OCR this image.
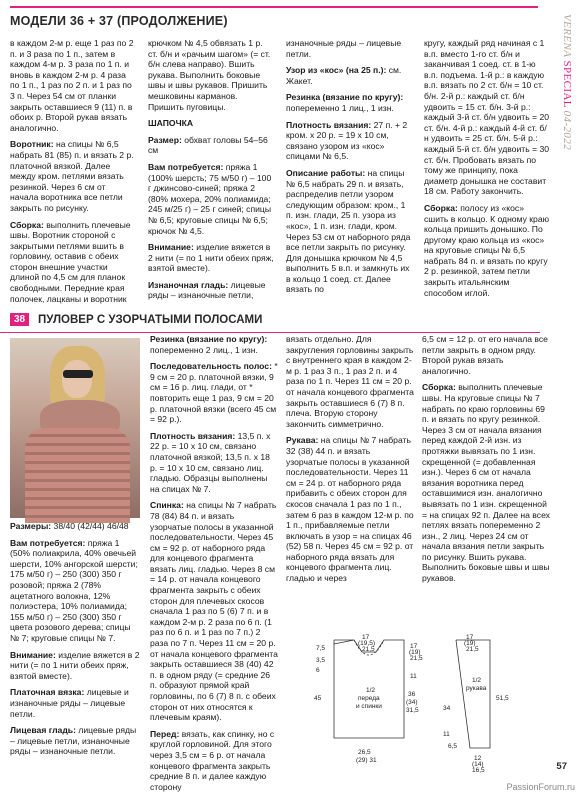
МОДЕЛИ 36 + 37 (ПРОДОЛЖЕНИЕ)	VERENA SPECIAL 04-2022

в каждом 2-м р. еще 1 раз по 2 п. и 3 раза по 1 п., затем в каждом 4-м р. 3 раза по 1 п. и вновь в каждом 2-м р. 4 раза по 1 п., 1 раз по 2 п. и 1 раз по 3 п. Через 54 см от планки закрыть оставшиеся 9 (11) п. в обоих р. Второй рукав вязать аналогично.

Воротник: на спицы № 6,5 набрать 81 (85) п. и вязать 2 р. платочной вязкой. Далее между кром. петлями вязать резинкой. Через 6 см от начала воротника все петли закрыть по рисунку.

Сборка: выполнить плечевые швы. Воротник стороной с закрытыми петлями вшить в горловину, оставив с обеих сторон внешние участки длиной по 4,5 см для планок свободными. Передние края полочек, лацканы и воротник

крючком № 4,5 обвязать 1 р. ст. б/н и «рачьим шагом» (= ст. б/н слева направо). Вшить рукава. Выполнить боковые швы и швы рукавов. Пришить мешковины карманов. Пришить пуговицы.

ШАПОЧКА

Размер: обхват головы 54–56 см

Вам потребуется: пряжа 1 (100% шерсть; 75 м/50 г) – 100 г джинсово-синей; пряжа 2 (80% мохера, 20% полиамида; 245 м/25 г) – 25 г синей; спицы № 6,5; круговые спицы № 6,5; крючок № 4,5.

Внимание: изделие вяжется в 2 нити (= по 1 нити обеих пряж, взятой вместе).

Изнаночная гладь: лицевые ряды – изнаночные петли,

изнаночные ряды – лицевые петли.

Узор из «кос» (на 25 п.): см. Жакет.

Резинка (вязание по кругу): попеременно 1 лиц., 1 изн.

Плотность вязания: 27 п. + 2 кром. х 20 р. = 19 х 10 см, связано узором из «кос» спицами № 6,5.

Описание работы: на спицы № 6,5 набрать 29 п. и вязать, распределив петли узором следующим образом: кром., 1 п. изн. глади, 25 п. узора из «кос», 1 п. изн. глади, кром. Через 53 см от наборного ряда все петли закрыть по рисунку. Для донышка крючком № 4,5 выполнить 5 в.п. и замкнуть их в кольцо 1 соед. ст. Далее вязать по

кругу, каждый ряд начиная с 1 в.п. вместо 1-го ст. б/н и заканчивая 1 соед. ст. в 1-ю в.п. подъема. 1-й р.: в каждую в.п. вязать по 2 ст. б/н = 10 ст. б/н. 2-й р.: каждый ст. б/н удвоить = 15 ст. б/н. 3-й р.: каждый 3-й ст. б/н удвоить = 20 ст. б/н. 4-й р.: каждый 4-й ст. б/н удвоить = 25 ст. б/н. 5-й р.: каждый 5-й ст. б/н удвоить = 30 ст. б/н. Пробовать вязать по тому же принципу, пока диаметр донышка не составит 18 см. Работу закончить.

Сборка: полосу из «кос» сшить в кольцо. К одному краю кольца пришить донышко. По другому краю кольца из «кос» на круговые спицы № 6,5 набрать 84 п. и вязать по кругу 2 р. резинкой, затем петли закрыть итальянским способом иглой.

38	ПУЛОВЕР С УЗОРЧАТЫМИ ПОЛОСАМИ

Размеры: 38/40 (42/44) 46/48

Вам потребуется: пряжа 1 (50% полиакрила, 40% овечьей шерсти, 10% ангорской шерсти; 175 м/50 г) – 250 (300) 350 г розовой; пряжа 2 (78% ацетатного волокна, 12% полиэстера, 10% полиамида; 155 м/50 г) – 250 (300) 350 г цвета розового дерева; спицы № 7; круговые спицы № 7.

Внимание: изделие вяжется в 2 нити (= по 1 нити обеих пряж, взятой вместе).

Платочная вязка: лицевые и изнаночные ряды – лицевые петли.

Лицевая гладь: лицевые ряды – лицевые петли, изнаночные ряды – изнаночные петли.

Резинка (вязание по кругу): попеременно 2 лиц., 1 изн.

Последовательность полос: * 9 см = 20 р. платочной вязки, 9 см = 16 р. лиц. глади, от * повторить еще 1 раз, 9 см = 20 р. платочной вязки (всего 45 см = 92 р.).

Плотность вязания: 13,5 п. х 22 р. = 10 х 10 см, связано платочной вязкой; 13,5 п. х 18 р. = 10 х 10 см, связано лиц. гладью. Образцы выполнены на спицах № 7.

Спинка: на спицы № 7 набрать 78 (84) 84 п. и вязать узорчатые полосы в указанной последовательности. Через 45 см = 92 р. от наборного ряда для концевого фрагмента вязать лиц. гладью. Через 8 см = 14 р. от начала концевого фрагмента закрыть с обеих сторон для плечевых скосов сначала 1 раз по 5 (6) 7 п. и в каждом 2-м р. 2 раза по 6 п. (1 раз по 6 п. и 1 раз по 7 п.) 2 раза по 7 п. Через 11 см = 20 р. от начала концевого фрагмента закрыть оставшиеся 38 (40) 42 п. в одном ряду (= средние 26 п. образуют прямой край горловины, по 6 (7) 8 п. с обеих сторон от них относятся к плечевым краям).

Перед: вязать, как спинку, но с круглой горловиной. Для этого через 3,5 см = 6 р. от начала концевого фрагмента закрыть средние 8 п. и далее каждую сторону

вязать отдельно. Для закругления горловины закрыть с внутреннего края в каждом 2-м р. 1 раз 3 п., 1 раз 2 п. и 4 раза по 1 п. Через 11 см = 20 р. от начала концевого фрагмента закрыть оставшиеся 6 (7) 8 п. плеча. Вторую сторону закончить симметрично.

Рукава: на спицы № 7 набрать 32 (38) 44 п. и вязать узорчатые полосы в указанной последовательности. Через 11 см = 24 р. от наборного ряда прибавить с обеих сторон для скосов сначала 1 раз по 1 п., затем 6 раз в каждом 12-м р. по 1 п., прибавляемые петли включать в узор = на спицах 46 (52) 58 п. Через 45 см = 92 р. от наборного ряда вязать для концевого фрагмента лиц. гладью и через

6,5 см = 12 р. от его начала все петли закрыть в одном ряду. Второй рукав вязать аналогично.

Сборка: выполнить плечевые швы. На круговые спицы № 7 набрать по краю горловины 69 п. и вязать по кругу резинкой. Через 3 см от начала вязания перед каждой 2-й изн. из протяжки вывязать по 1 изн. скрещенной (= добавленная изн.). Через 6 см от начала вязания воротника перед оставшимися изн. аналогично вывязать по 1 изн. скрещенной = на спицах 92 п. Далее на всех петлях вязать попеременно 2 изн., 2 лиц. Через 24 см от начала вязания петли закрыть по рисунку. Вшить рукава. Выполнить боковые швы и швы рукавов.

17
(19,5)
21,5
7,5
3,5
6
17
(19)
21,5
11
45
1/2
переда
и спинки
36
(34)
31,5
26,5
(29) 31
17
(19)
21,5
1/2
рукава
51,5
34
11
6,5
12
(14)
16,5	57
PassionForum.ru
